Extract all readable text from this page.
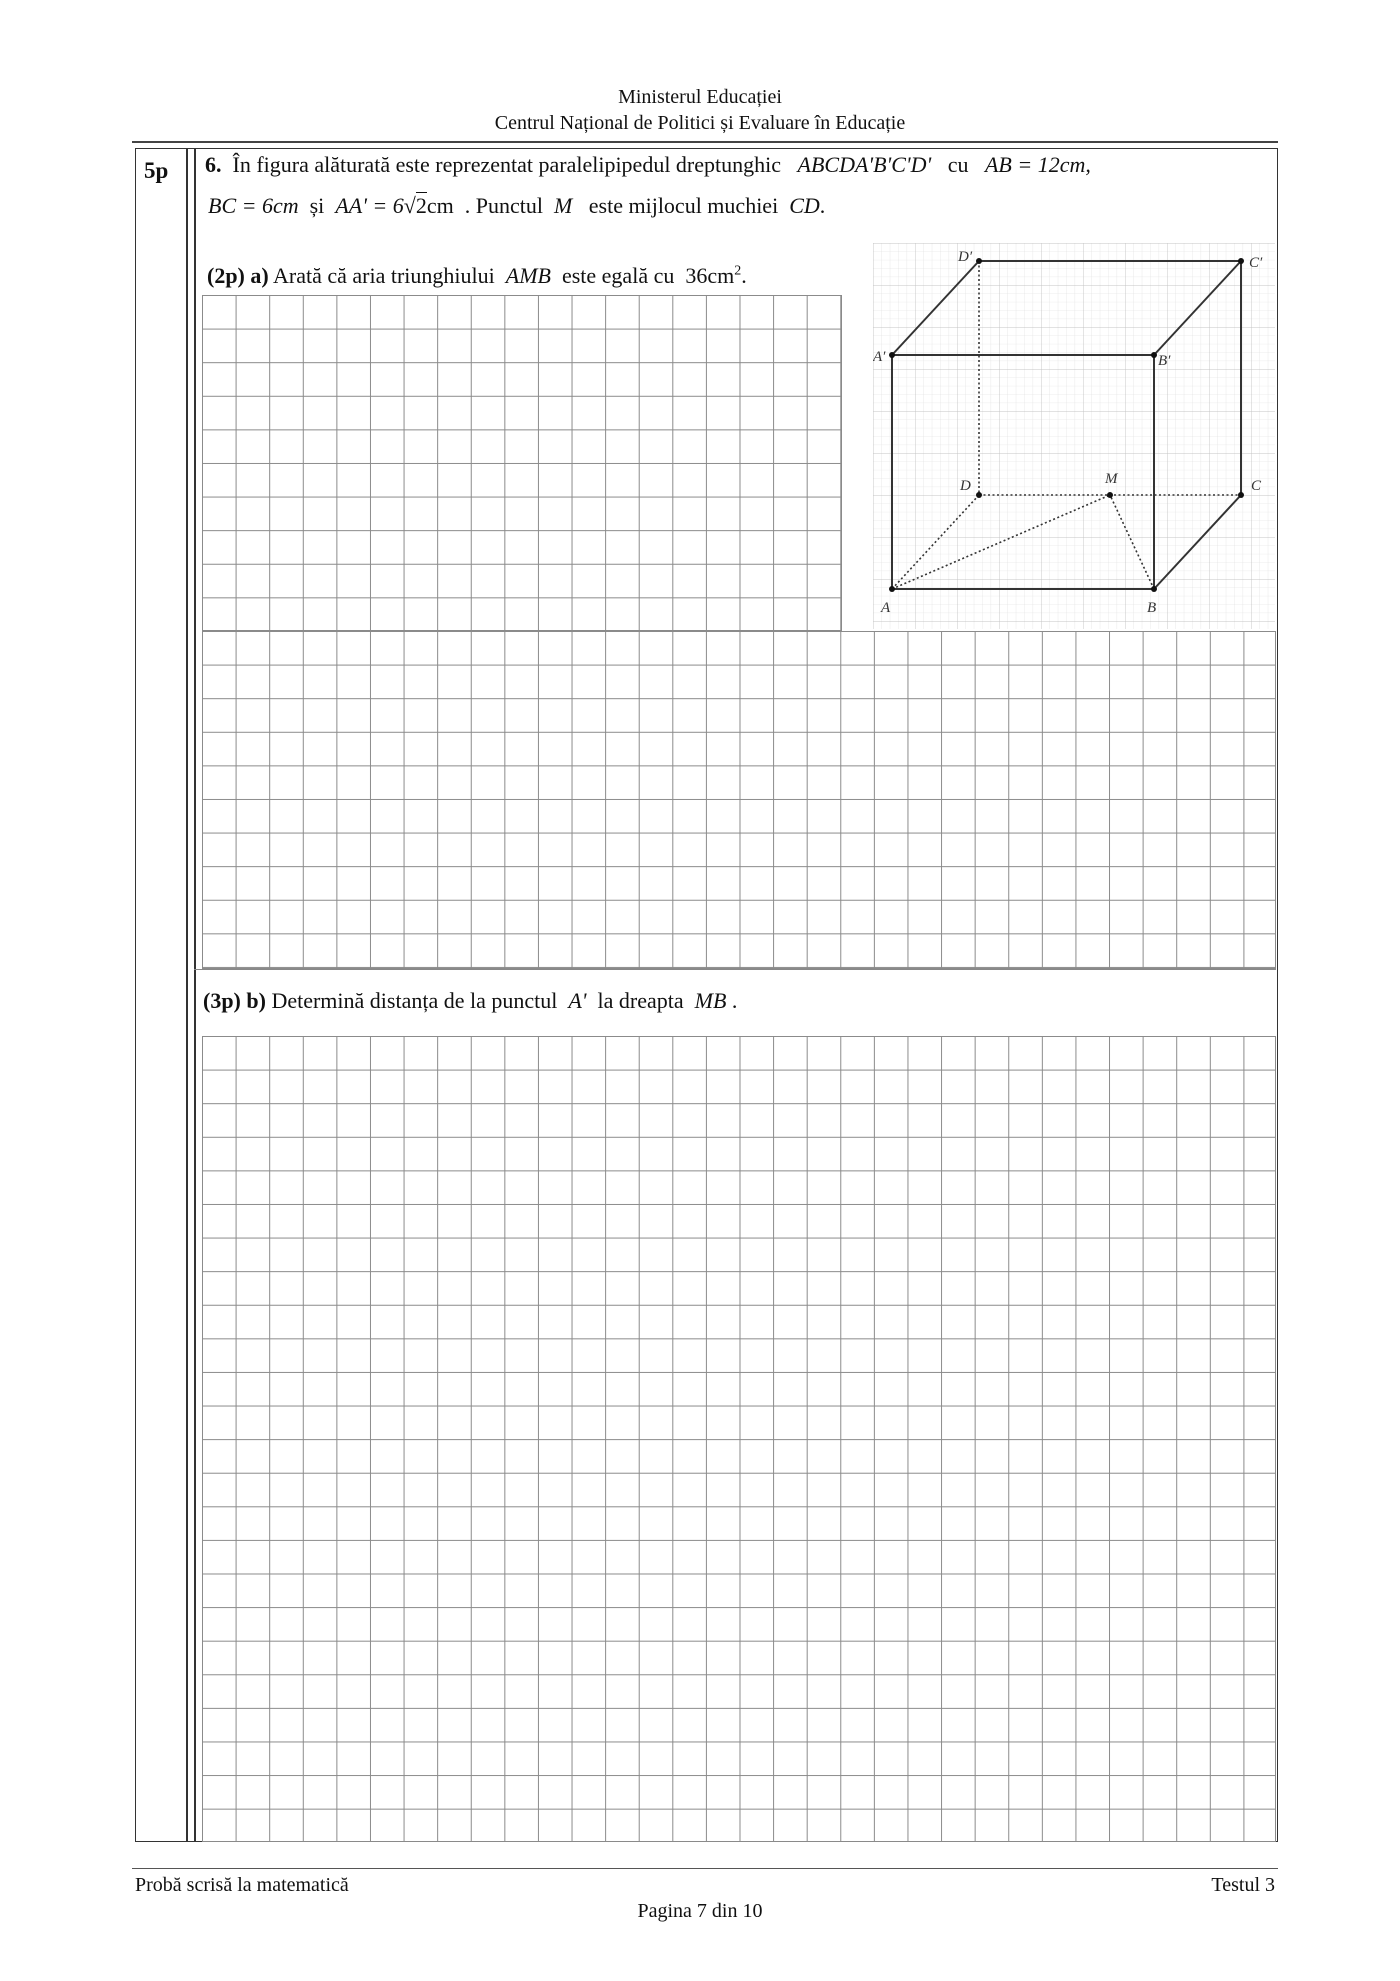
Ministerul Educației
Centrul Național de Politici și Evaluare în Educație
5p 6. În figura alăturată este reprezentat paralelipipedul dreptunghic ABCDA'B'C'D' cu AB = 12cm,
BC = 6cm și AA' = 6√2cm . Punctul M este mijlocul muchiei CD.
(2p) a) Arată că aria triunghiului AMB este egală cu $36cm^2$.
(3p) b) Determină distanța de la punctul A' la dreapta MB .
A	B
C
D	M
A′	B′
C′
D′
Probă scrisă la matematică	Testul 3
Pagina 7 din 10
